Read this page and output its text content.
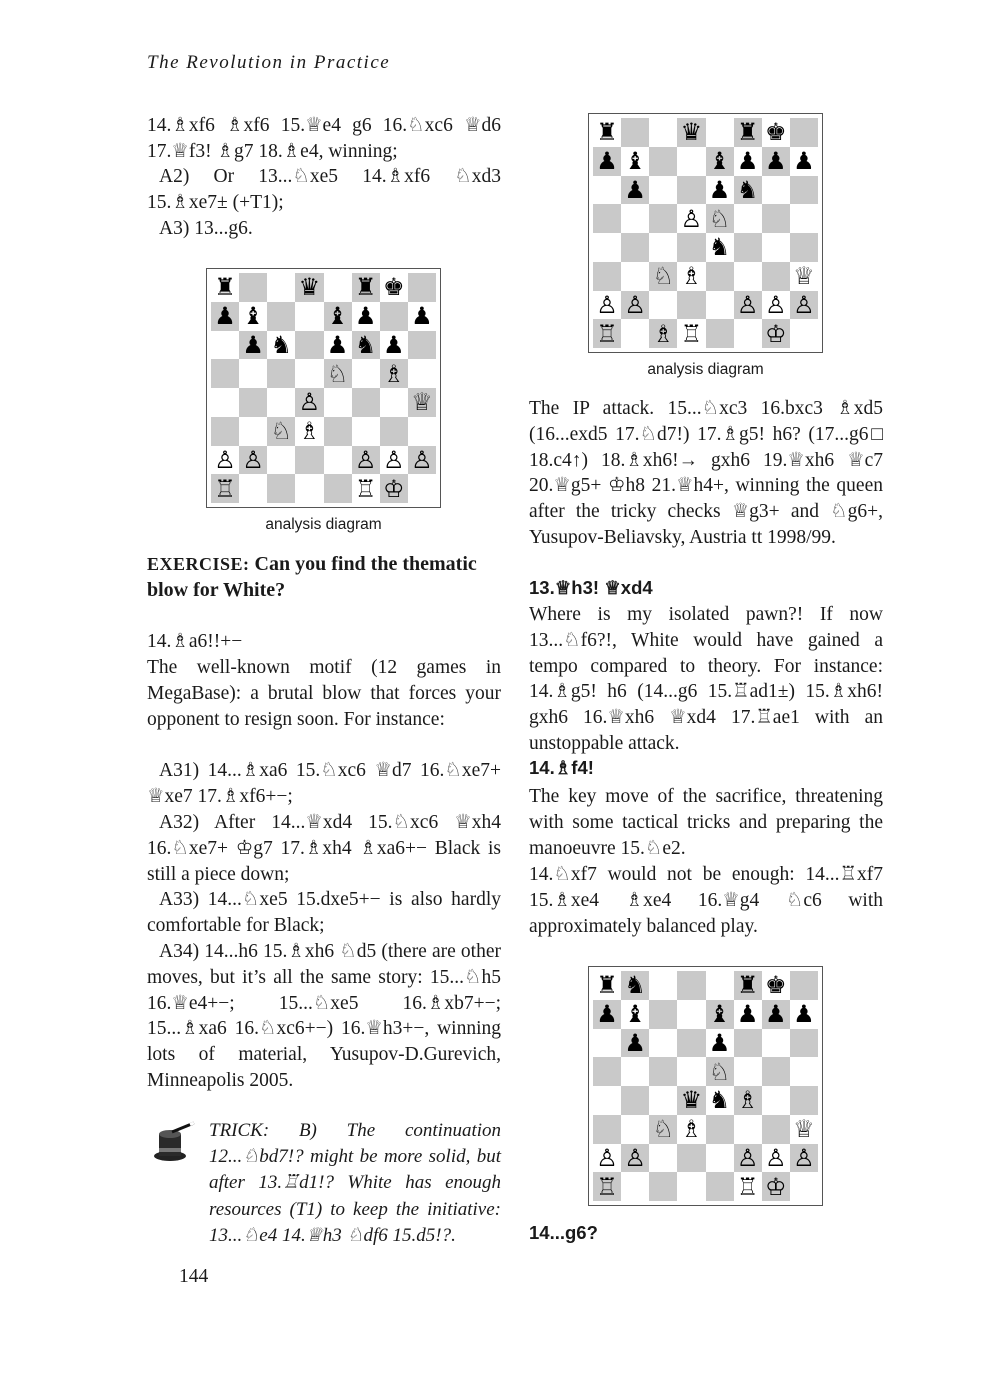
The Revolution in Practice

14.♗xf6 ♗xf6 15.♕e4 g6 16.♘xc6 ♕d6 17.♕f3! ♗g7 18.♗e4, winning;

A2) Or 13...♘xe5 14.♗xf6 ♘xd3 15.♗xe7± (+T1);

A3) 13...g6.

♜	♛ ♜ ♚
♟ ♝	♝ ♟ ♟
♟ ♞ ♟ ♞ ♟
♘ ♗
♙	♕
♘ ♗
♙ ♙	♙ ♙ ♙
♖	♖ ♔
analysis diagram
EXERCISE: Can you find the thematic blow for White?

14.♗a6!!+−

The well-known motif (12 games in MegaBase): a brutal blow that forces your opponent to resign soon. For instance:

A31) 14...♗xa6 15.♘xc6 ♕d7 16.♘xe7+ ♕xe7 17.♗xf6+−;

A32) After 14...♕xd4 15.♘xc6 ♕xh4 16.♘xe7+ ♔g7 17.♗xh4 ♗xa6+− Black is still a piece down;

A33) 14...♘xe5 15.dxe5+− is also hardly comfortable for Black;

A34) 14...h6 15.♗xh6 ♘d5 (there are other moves, but it’s all the same story: 15...♘h5 16.♕e4+−; 15...♘xe5 16.♗xb7+−; 15...♗xa6 16.♘xc6+−) 16.♕h3+−, winning lots of material, Yusupov-D.Gurevich, Minneapolis 2005.

TRICK: B) The continuation 12...♘bd7!? might be more solid, but after 13.♖d1!? White has enough resources (T1) to keep the initiative: 13...♘e4 14.♕h3 ♘df6 15.d5!?.
144
♜	♛ ♜ ♚
♟ ♝	♝ ♟ ♟ ♟
♟	♟ ♞
♙ ♘
♞
♘ ♗	♕
♙ ♙	♙ ♙ ♙
♖ ♗ ♖	♔
analysis diagram

The IP attack. 15...♘xc3 16.bxc3 ♗xd5 (16...exd5 17.♘d7!) 17.♗g5! h6? (17...g6□ 18.c4↑) 18.♗xh6!→ gxh6 19.♕xh6 ♕c7 20.♕g5+ ♔h8 21.♕h4+, winning the queen after the tricky checks ♕g3+ and ♘g6+, Yusupov-Beliavsky, Austria tt 1998/99.

13.♕h3! ♕xd4

Where is my isolated pawn?! If now 13...♘f6?!, White would have gained a tempo compared to theory. For instance: 14.♗g5! h6 (14...g6 15.♖ad1±) 15.♗xh6! gxh6 16.♕xh6 ♕xd4 17.♖ae1 with an unstoppable attack.

14.♗f4!

The key move of the sacrifice, threatening with some tactical tricks and preparing the manoeuvre 15.♘e2.

14.♘xf7 would not be enough: 14...♖xf7 15.♗xe4 ♗xe4 16.♕g4 ♘c6 with approximately balanced play.

♜ ♞	♜ ♚
♟ ♝	♝ ♟ ♟ ♟
♟	♟
♘
♛ ♞ ♗
♘ ♗	♕
♙ ♙	♙ ♙ ♙
♖	♖ ♔
14...g6?
